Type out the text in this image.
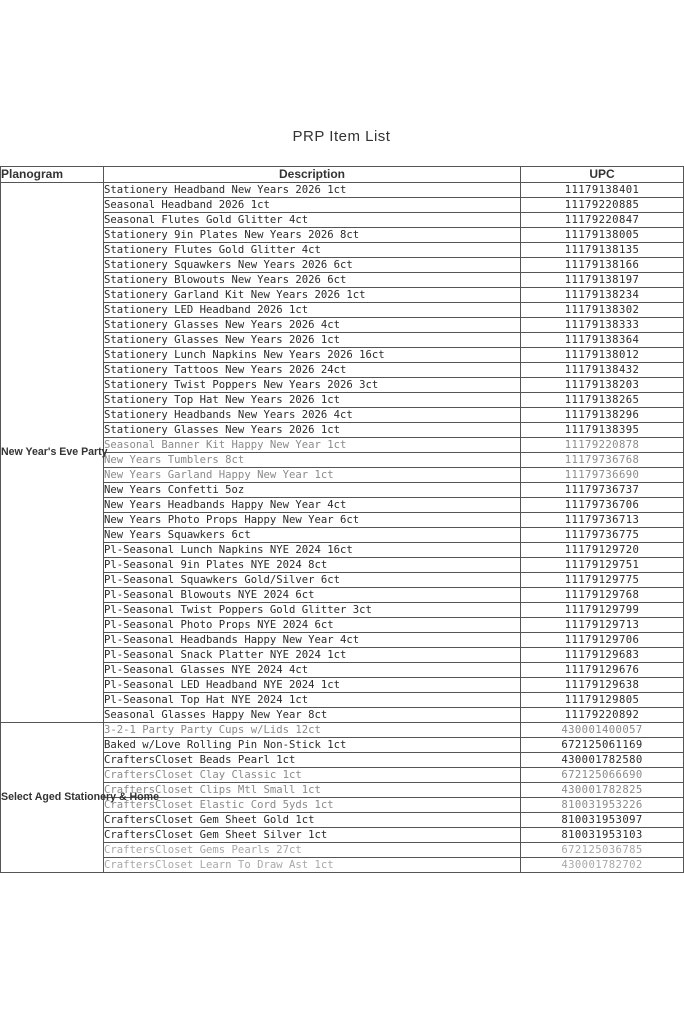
PRP Item List
Planogram	Description	UPC
New Year's Eve Party	Stationery Headband New Years 2026 1ct	11179138401
	Seasonal Headband 2026 1ct	11179220885
	Seasonal Flutes Gold Glitter 4ct	11179220847
	Stationery 9in Plates New Years 2026 8ct	11179138005
	Stationery Flutes Gold Glitter 4ct	11179138135
	Stationery Squawkers New Years 2026 6ct	11179138166
	Stationery Blowouts New Years 2026 6ct	11179138197
	Stationery Garland Kit New Years 2026 1ct	11179138234
	Stationery LED Headband 2026 1ct	11179138302
	Stationery Glasses New Years 2026 4ct	11179138333
	Stationery Glasses New Years 2026 1ct	11179138364
	Stationery Lunch Napkins New Years 2026 16ct	11179138012
	Stationery Tattoos New Years 2026 24ct	11179138432
	Stationery Twist Poppers New Years 2026 3ct	11179138203
	Stationery Top Hat New Years 2026 1ct	11179138265
	Stationery Headbands New Years 2026 4ct	11179138296
	Stationery Glasses New Years 2026 1ct	11179138395
	Seasonal Banner Kit Happy New Year 1ct	11179220878
	New Years Tumblers 8ct	11179736768
	New Years Garland Happy New Year 1ct	11179736690
	New Years Confetti 5oz	11179736737
	New Years Headbands Happy New Year 4ct	11179736706
	New Years Photo Props Happy New Year 6ct	11179736713
	New Years Squawkers 6ct	11179736775
	Pl-Seasonal Lunch Napkins NYE 2024 16ct	11179129720
	Pl-Seasonal 9in Plates NYE 2024 8ct	11179129751
	Pl-Seasonal Squawkers Gold/Silver 6ct	11179129775
	Pl-Seasonal Blowouts NYE 2024 6ct	11179129768
	Pl-Seasonal Twist Poppers Gold Glitter 3ct	11179129799
	Pl-Seasonal Photo Props NYE 2024 6ct	11179129713
	Pl-Seasonal Headbands Happy New Year 4ct	11179129706
	Pl-Seasonal Snack Platter NYE 2024 1ct	11179129683
	Pl-Seasonal Glasses NYE 2024 4ct	11179129676
	Pl-Seasonal LED Headband NYE 2024 1ct	11179129638
	Pl-Seasonal Top Hat NYE 2024 1ct	11179129805
	Seasonal Glasses Happy New Year 8ct	11179220892
Select Aged Stationery & Home	3-2-1 Party Party Cups w/Lids 12ct	430001400057
	Baked w/Love Rolling Pin Non-Stick 1ct	672125061169
	CraftersCloset Beads Pearl 1ct	430001782580
	CraftersCloset Clay Classic 1ct	672125066690
	CraftersCloset Clips Mtl Small 1ct	430001782825
	CraftersCloset Elastic Cord 5yds 1ct	810031953226
	CraftersCloset Gem Sheet Gold 1ct	810031953097
	CraftersCloset Gem Sheet Silver 1ct	810031953103
	CraftersCloset Gems Pearls 27ct	672125036785
	CraftersCloset Learn To Draw Ast 1ct	430001782702
